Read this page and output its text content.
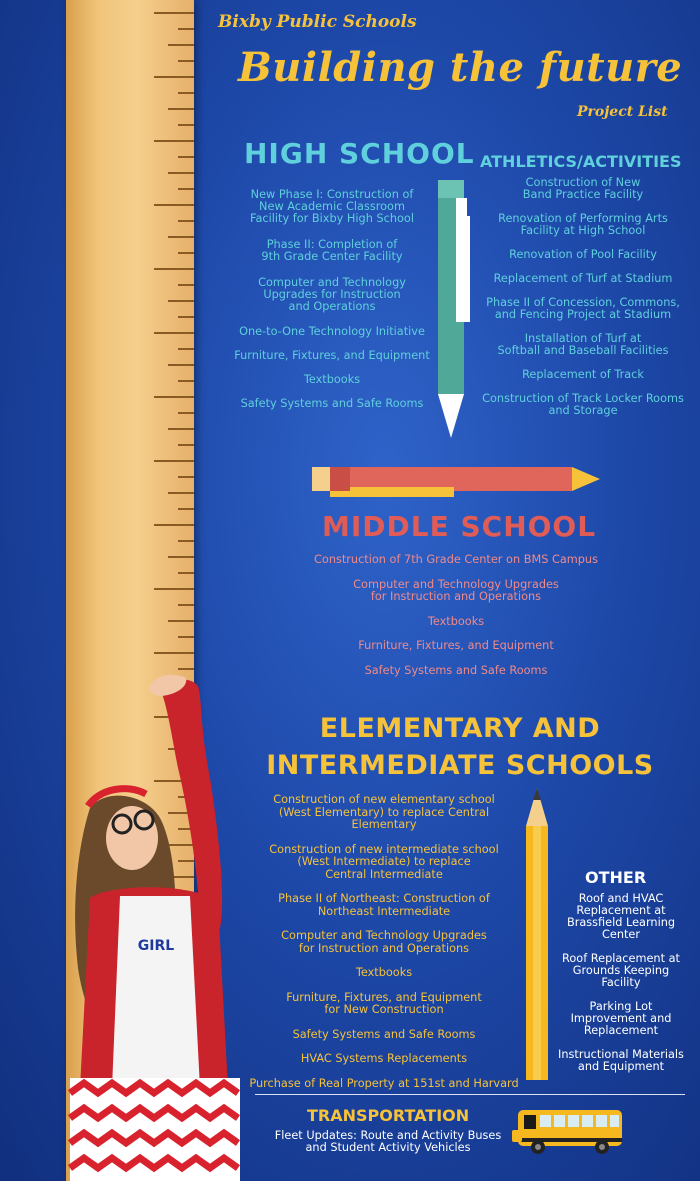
Bixby Public Schools
Building the future
Project List
HIGH SCHOOL
New Phase I: Construction of
New Academic Classroom
Facility for Bixby High School
Phase II: Completion of
9th Grade Center Facility
Computer and Technology
Upgrades for Instruction
and Operations
One-to-One Technology Initiative
Furniture, Fixtures, and Equipment
Textbooks
Safety Systems and Safe Rooms
ATHLETICS/ACTIVITIES
Construction of New
Band Practice Facility
Renovation of Performing Arts
Facility at High School
Renovation of Pool Facility
Replacement of Turf at Stadium
Phase II of Concession, Commons,
and Fencing Project at Stadium
Installation of Turf at
Softball and Baseball Facilities
Replacement of Track
Construction of Track Locker Rooms
and Storage
MIDDLE SCHOOL
Construction of 7th Grade Center on BMS Campus
Computer and Technology Upgrades
for Instruction and Operations
Textbooks
Furniture, Fixtures, and Equipment
Safety Systems and Safe Rooms
ELEMENTARY AND
INTERMEDIATE SCHOOLS
Construction of new elementary school
(West Elementary) to replace Central Elementary
Construction of new intermediate school
(West Intermediate) to replace
Central Intermediate
Phase II of Northeast: Construction of
Northeast Intermediate
Computer and Technology Upgrades
for Instruction and Operations
Textbooks
Furniture, Fixtures, and Equipment
for New Construction
Safety Systems and Safe Rooms
HVAC Systems Replacements
Purchase of Real Property at 151st and Harvard
OTHER
Roof and HVAC
Replacement at
Brassfield Learning
Center
Roof Replacement at
Grounds Keeping
Facility
Parking Lot
Improvement and
Replacement
Instructional Materials
and Equipment
TRANSPORTATION
Fleet Updates: Route and Activity Buses
and Student Activity Vehicles
GIRL
